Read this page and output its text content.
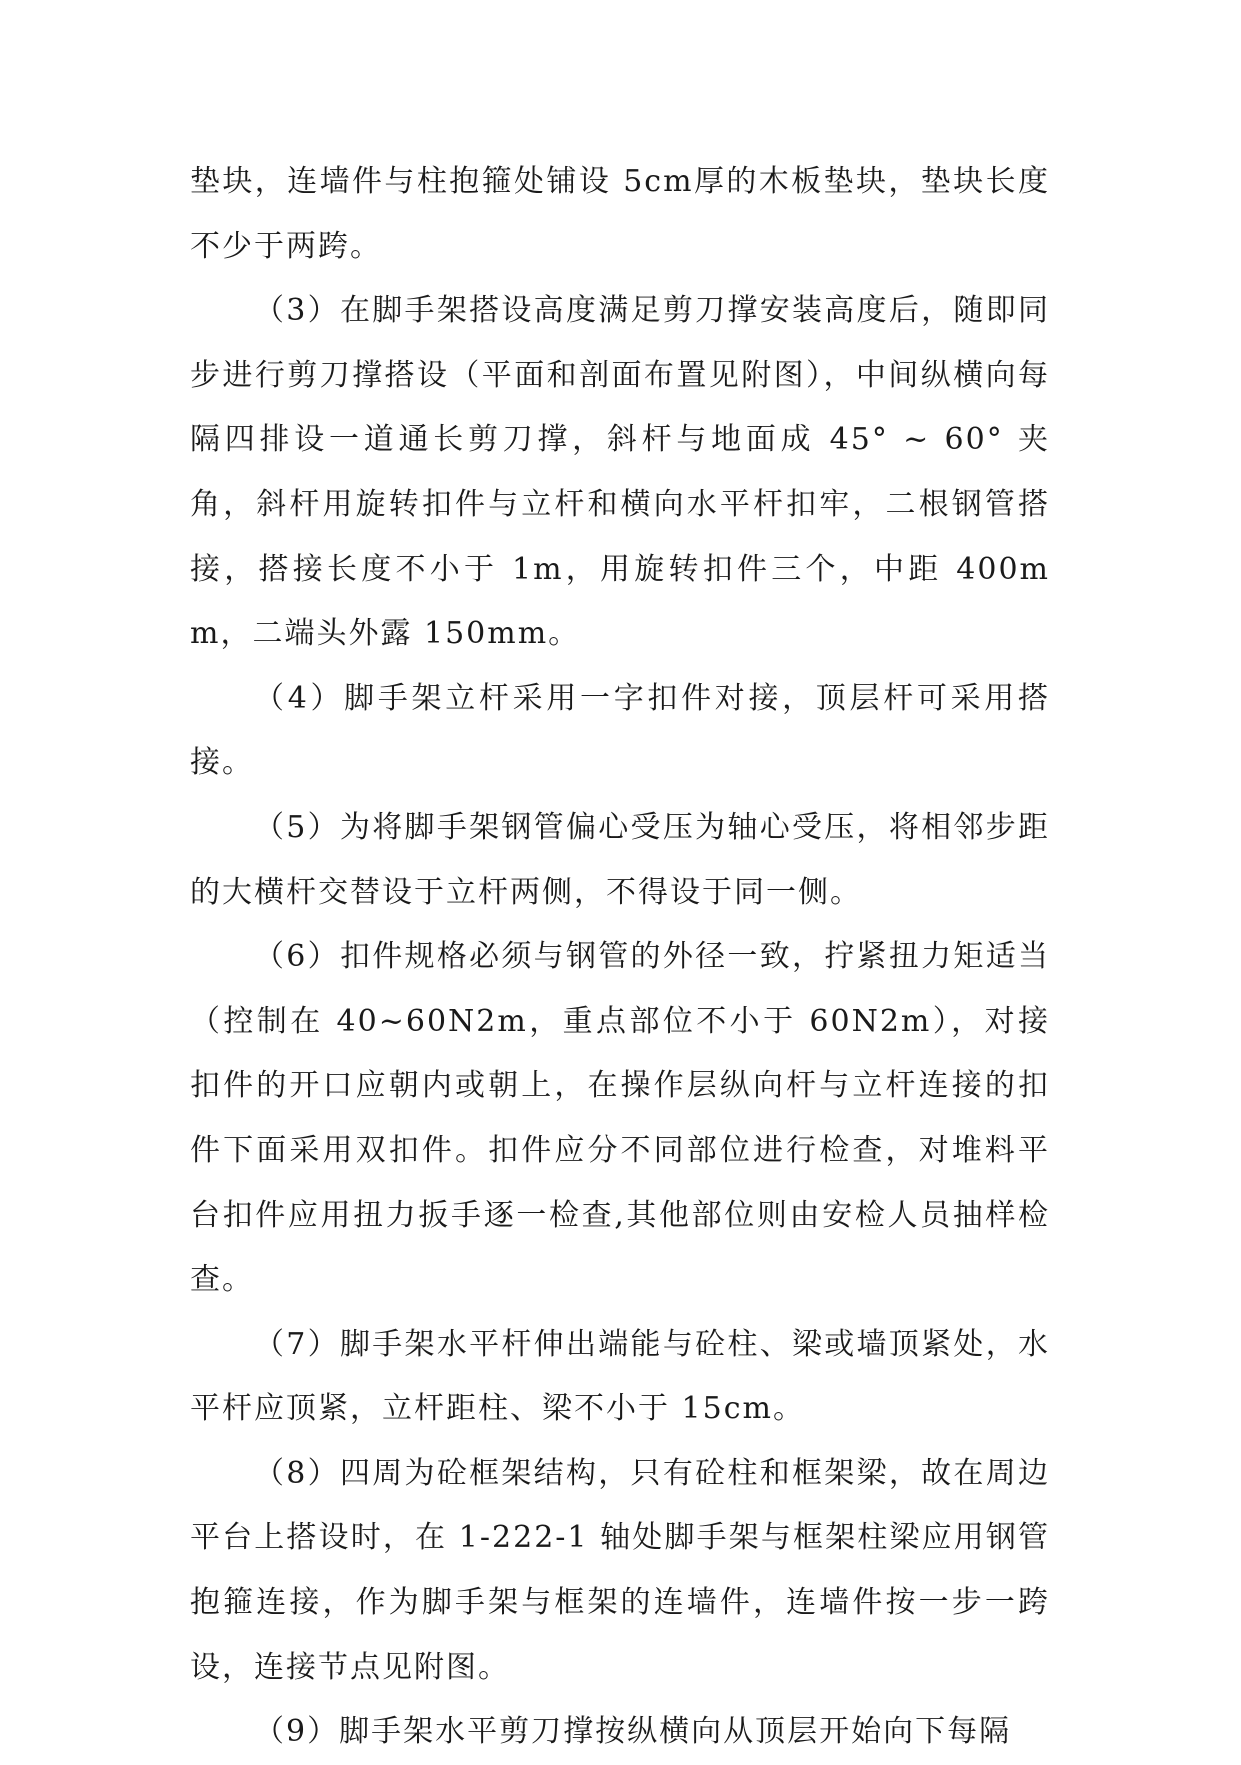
垫块，连墙件与柱抱箍处铺设 5cm厚的木板垫块，垫块长度不少于两跨。

（3）在脚手架搭设高度满足剪刀撑安装高度后，随即同步进行剪刀撑搭设（平面和剖面布置见附图），中间纵横向每隔四排设一道通长剪刀撑，斜杆与地面成 45° ~ 60° 夹角，斜杆用旋转扣件与立杆和横向水平杆扣牢，二根钢管搭接，搭接长度不小于 1m，用旋转扣件三个，中距 400mm，二端头外露 150mm。

（4）脚手架立杆采用一字扣件对接，顶层杆可采用搭接。

（5）为将脚手架钢管偏心受压为轴心受压，将相邻步距的大横杆交替设于立杆两侧，不得设于同一侧。

（6）扣件规格必须与钢管的外径一致，拧紧扭力矩适当（控制在 40~60N2m，重点部位不小于 60N2m），对接扣件的开口应朝内或朝上，在操作层纵向杆与立杆连接的扣件下面采用双扣件。扣件应分不同部位进行检查，对堆料平台扣件应用扭力扳手逐一检查,其他部位则由安检人员抽样检查。

（7）脚手架水平杆伸出端能与砼柱、梁或墙顶紧处，水平杆应顶紧，立杆距柱、梁不小于 15cm。

（8）四周为砼框架结构，只有砼柱和框架梁，故在周边平台上搭设时，在 1-222-1 轴处脚手架与框架柱梁应用钢管抱箍连接，作为脚手架与框架的连墙件，连墙件按一步一跨设，连接节点见附图。

（9）脚手架水平剪刀撑按纵横向从顶层开始向下每隔
